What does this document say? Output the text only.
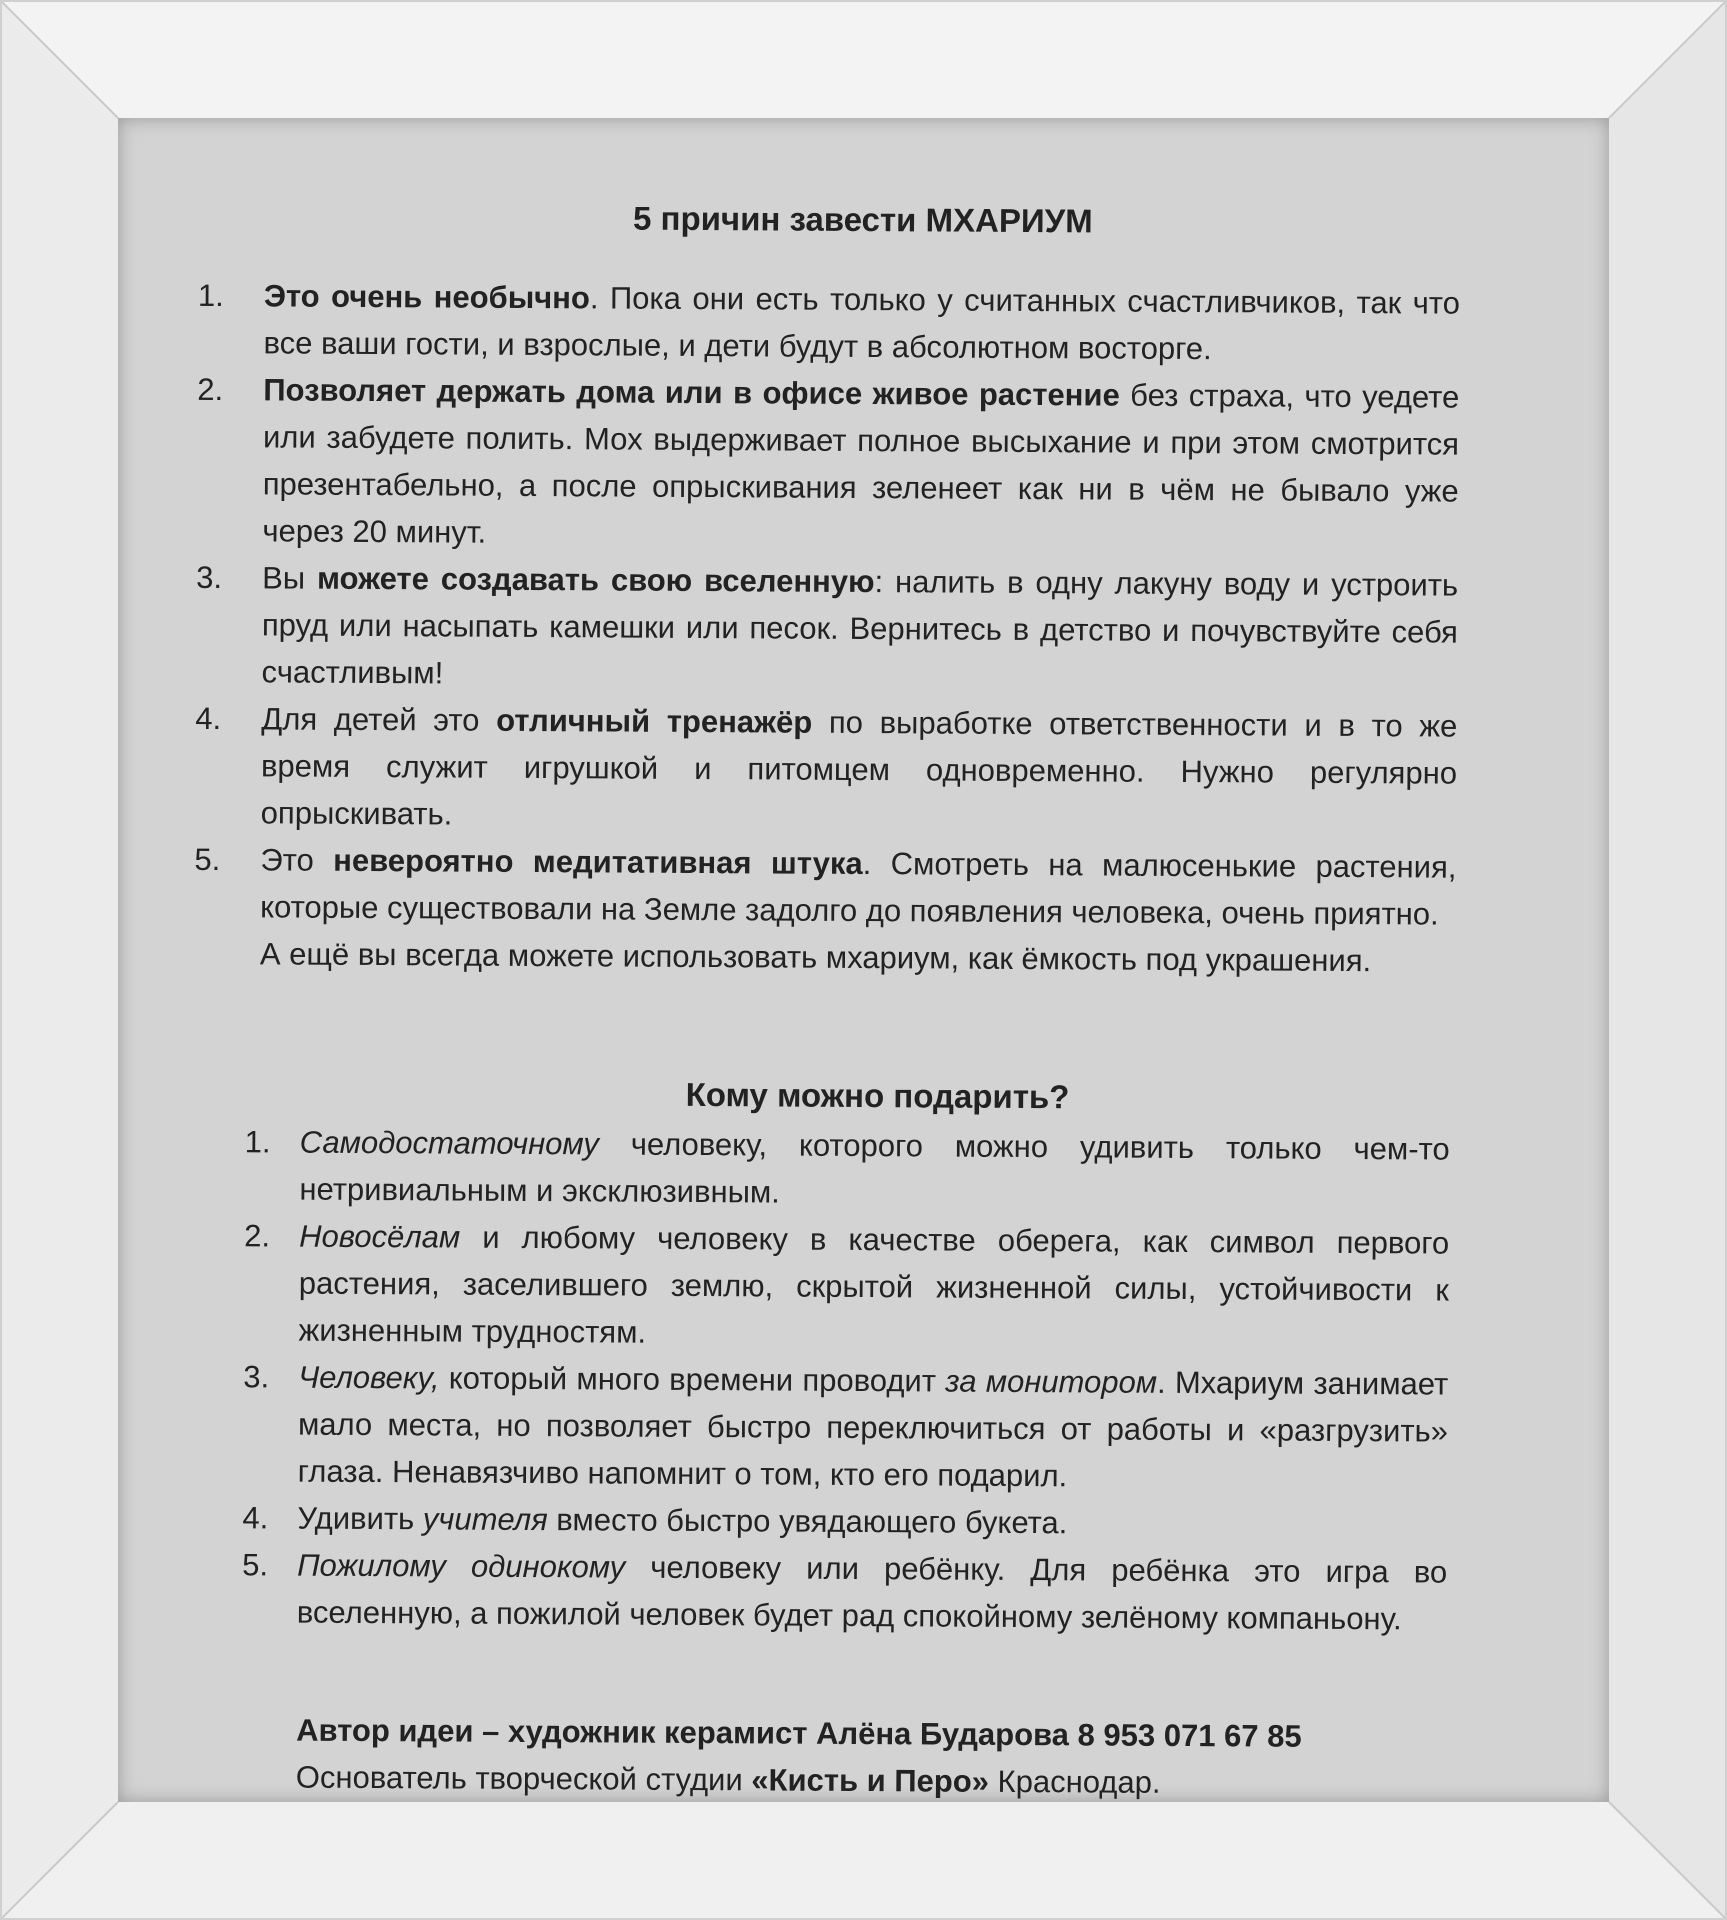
5 причин завести МХАРИУМ
1. Это очень необычно. Пока они есть только у считанных счастливчиков, так что все ваши гости, и взрослые, и дети будут в абсолютном восторге.
2. Позволяет держать дома или в офисе живое растение без страха, что уедете или забудете полить. Мох выдерживает полное высыхание и при этом смотрится презентабельно, а после опрыскивания зеленеет как ни в чём не бывало уже через 20 минут.
3. Вы можете создавать свою вселенную: налить в одну лакуну воду и устроить пруд или насыпать камешки или песок. Вернитесь в детство и почувствуйте себя счастливым!
4. Для детей это отличный тренажёр по выработке ответственности и в то же время служит игрушкой и питомцем одновременно. Нужно регулярно опрыскивать.
5. Это невероятно медитативная штука. Смотреть на малюсенькие растения, которые существовали на Земле задолго до появления человека, очень приятно.
А ещё вы всегда можете использовать мхариум, как ёмкость под украшения.
Кому можно подарить?
1. Самодостаточному человеку, которого можно удивить только чем-то нетривиальным и эксклюзивным.
2. Новосёлам и любому человеку в качестве оберега, как символ первого растения, заселившего землю, скрытой жизненной силы, устойчивости к жизненным трудностям.
3. Человеку, который много времени проводит за монитором. Мхариум занимает мало места, но позволяет быстро переключиться от работы и «разгрузить» глаза. Ненавязчиво напомнит о том, кто его подарил.
4. Удивить учителя вместо быстро увядающего букета.
5. Пожилому одинокому человеку или ребёнку. Для ребёнка это игра во вселенную, а пожилой человек будет рад спокойному зелёному компаньону.
Автор идеи – художник керамист Алёна Бударова 8 953 071 67 85
Основатель творческой студии «Кисть и Перо» Краснодар.
